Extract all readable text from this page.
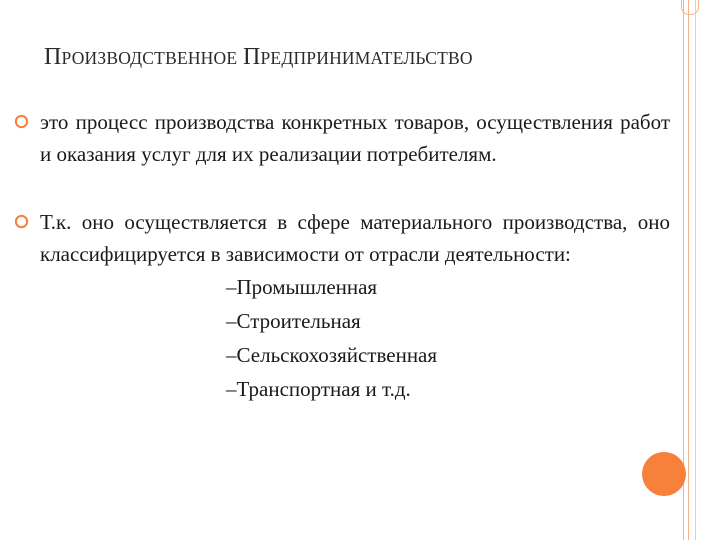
ПРОИЗВОДСТВЕННОЕ ПРЕДПРИНИМАТЕЛЬСТВО
это процесс производства конкретных товаров, осуществления работ и оказания услуг для их реализации потребителям.
Т.к. оно осуществляется в сфере материального производства, оно классифицируется в зависимости от отрасли деятельности:
–Промышленная
–Строительная
–Сельскохозяйственная
–Транспортная и т.д.
